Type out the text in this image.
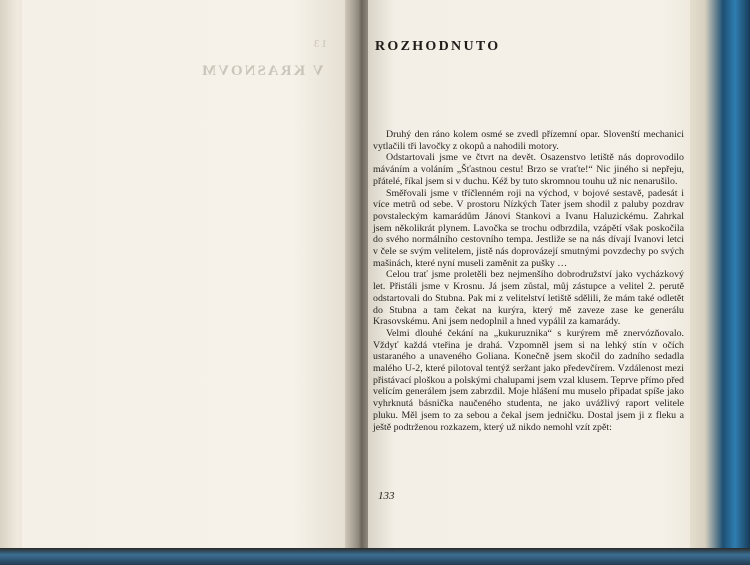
13
V KRASNOVM
ROZHODNUTO

Druhý den ráno kolem osmé se zvedl přízemní opar. Slovenští mechanici vytlačili tři lavočky z okopů a nahodili motory.

Odstartovali jsme ve čtvrt na devět. Osazenstvo letiště nás doprovodilo máváním a voláním „Šťastnou cestu! Brzo se vraťte!“ Nic jiného si nepřeju, přátelé, říkal jsem si v duchu. Kéž by tuto skromnou touhu už nic nenarušilo.

Směřovali jsme v tříčlenném roji na východ, v bojové sestavě, padesát i více metrů od sebe. V prostoru Nízkých Tater jsem shodil z paluby pozdrav povstaleckým kamarádům Jánovi Stankovi a Ivanu Haluzickému. Zahrkal jsem několikrát plynem. Lavočka se trochu odbrzdila, vzápětí však poskočila do svého normálního cestovního tempa. Jestliže se na nás dívají Ivanovi letci v čele se svým velitelem, jistě nás doprovázejí smutnými povzdechy po svých mašinách, které nyní museli zaměnit za pušky …

Celou trať jsme proletěli bez nejmenšího dobrodružství jako vycházkový let. Přistáli jsme v Krosnu. Já jsem zůstal, můj zástupce a velitel 2. perutě odstartovali do Stubna. Pak mi z velitelství letiště sdělili, že mám také odletět do Stubna a tam čekat na kurýra, který mě zaveze zase ke generálu Krasovskému. Ani jsem nedoplnil a hned vypálil za kamarády.

Velmi dlouhé čekání na „kukuruznika“ s kurýrem mě znervózňovalo. Vždyť každá vteřina je drahá. Vzpomněl jsem si na lehký stín v očích ustaraného a unaveného Goliana. Konečně jsem skočil do zadního sedadla malého U-2, které pilotoval tentýž seržant jako předevčírem. Vzdálenost mezi přistávací ploškou a polskými chalupami jsem vzal klusem. Teprve přímo před velícím generálem jsem zabrzdil. Moje hlášení mu muselo připadat spíše jako vyhrknutá básnička naučeného studenta, ne jako uvážlivý raport velitele pluku. Měl jsem to za sebou a čekal jsem jedničku. Dostal jsem ji z fleku a ještě podtrženou rozkazem, který už nikdo nemohl vzít zpět:

133
